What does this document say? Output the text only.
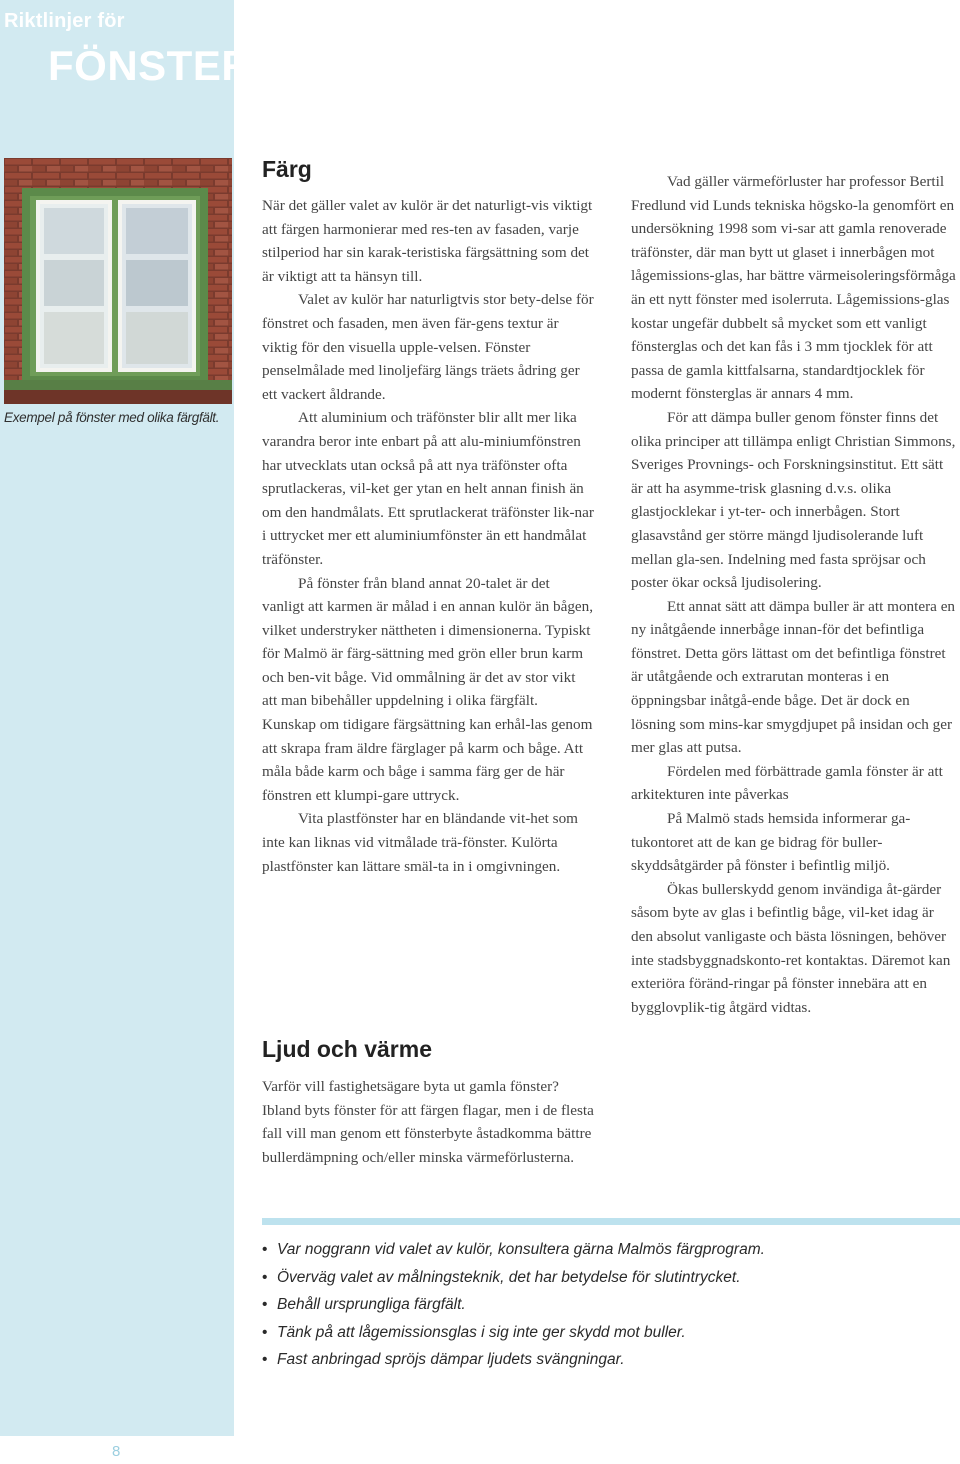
Riktlinjer för
FÖNSTER
Exempel på fönster med olika färgfält.
Färg

När det gäller valet av kulör är det naturligt-vis viktigt att färgen harmonierar med res-ten av fasaden, varje stilperiod har sin karak-teristiska färgsättning som det är viktigt att ta hänsyn till.

Valet av kulör har naturligtvis stor bety-delse för fönstret och fasaden, men även fär-gens textur är viktig för den visuella upple-velsen. Fönster penselmålade med linoljefärg längs träets ådring ger ett vackert åldrande.

Att aluminium och träfönster blir allt mer lika varandra beror inte enbart på att alu-miniumfönstren har utvecklats utan också på att nya träfönster ofta sprutlackeras, vil-ket ger ytan en helt annan finish än om den handmålats. Ett sprutlackerat träfönster lik-nar i uttrycket mer ett aluminiumfönster än ett handmålat träfönster.

På fönster från bland annat 20-talet är det vanligt att karmen är målad i en annan kulör än bågen, vilket understryker nättheten i dimensionerna. Typiskt för Malmö är färg-sättning med grön eller brun karm och ben-vit båge. Vid ommålning är det av stor vikt att man bibehåller uppdelning i olika färgfält. Kunskap om tidigare färgsättning kan erhål-las genom att skrapa fram äldre färglager på karm och båge. Att måla både karm och båge i samma färg ger de här fönstren ett klumpi-gare uttryck.

Vita plastfönster har en bländande vit-het som inte kan liknas vid vitmålade trä-fönster. Kulörta plastfönster kan lättare smäl-ta in i omgivningen.

Ljud och värme

Varför vill fastighetsägare byta ut gamla fönster? Ibland byts fönster för att färgen flagar, men i de flesta fall vill man genom ett fönsterbyte åstadkomma bättre bullerdämpning och/eller minska värmeförlusterna.

Vad gäller värmeförluster har professor Bertil Fredlund vid Lunds tekniska högsko-la genomfört en undersökning 1998 som vi-sar att gamla renoverade träfönster, där man bytt ut glaset i innerbågen mot lågemissions-glas, har bättre värmeisoleringsförmåga än ett nytt fönster med isolerruta. Lågemissions-glas kostar ungefär dubbelt så mycket som ett vanligt fönsterglas och det kan fås i 3 mm tjocklek för att passa de gamla kittfalsarna, standardtjocklek för modernt fönsterglas är annars 4 mm.

För att dämpa buller genom fönster finns det olika principer att tillämpa enligt Christian Simmons, Sveriges Provnings- och Forskningsinstitut. Ett sätt är att ha asymme-trisk glasning d.v.s. olika glastjocklekar i yt-ter- och innerbågen. Stort glasavstånd ger större mängd ljudisolerande luft mellan gla-sen. Indelning med fasta spröjsar och poster ökar också ljudisolering.

Ett annat sätt att dämpa buller är att montera en ny inåtgående innerbåge innan-för det befintliga fönstret. Detta görs lättast om det befintliga fönstret är utåtgående och extrarutan monteras i en öppningsbar inåtgå-ende båge. Det är dock en lösning som mins-kar smygdjupet på insidan och ger mer glas att putsa.

Fördelen med förbättrade gamla fönster är att arkitekturen inte påverkas

På Malmö stads hemsida informerar ga-tukontoret att de kan ge bidrag för buller-skyddsåtgärder på fönster i befintlig miljö.

Ökas bullerskydd genom invändiga åt-gärder såsom byte av glas i befintlig båge, vil-ket idag är den absolut vanligaste och bästa lösningen, behöver inte stadsbyggnadskonto-ret kontaktas. Däremot kan exteriöra föränd-ringar på fönster innebära att en bygglovplik-tig åtgärd vidtas.

• Var noggrann vid valet av kulör, konsultera gärna Malmös färgprogram.
• Överväg valet av målningsteknik, det har betydelse för slutintrycket.
• Behåll ursprungliga färgfält.
• Tänk på att lågemissionsglas i sig inte ger skydd mot buller.
• Fast anbringad spröjs dämpar ljudets svängningar.
8
